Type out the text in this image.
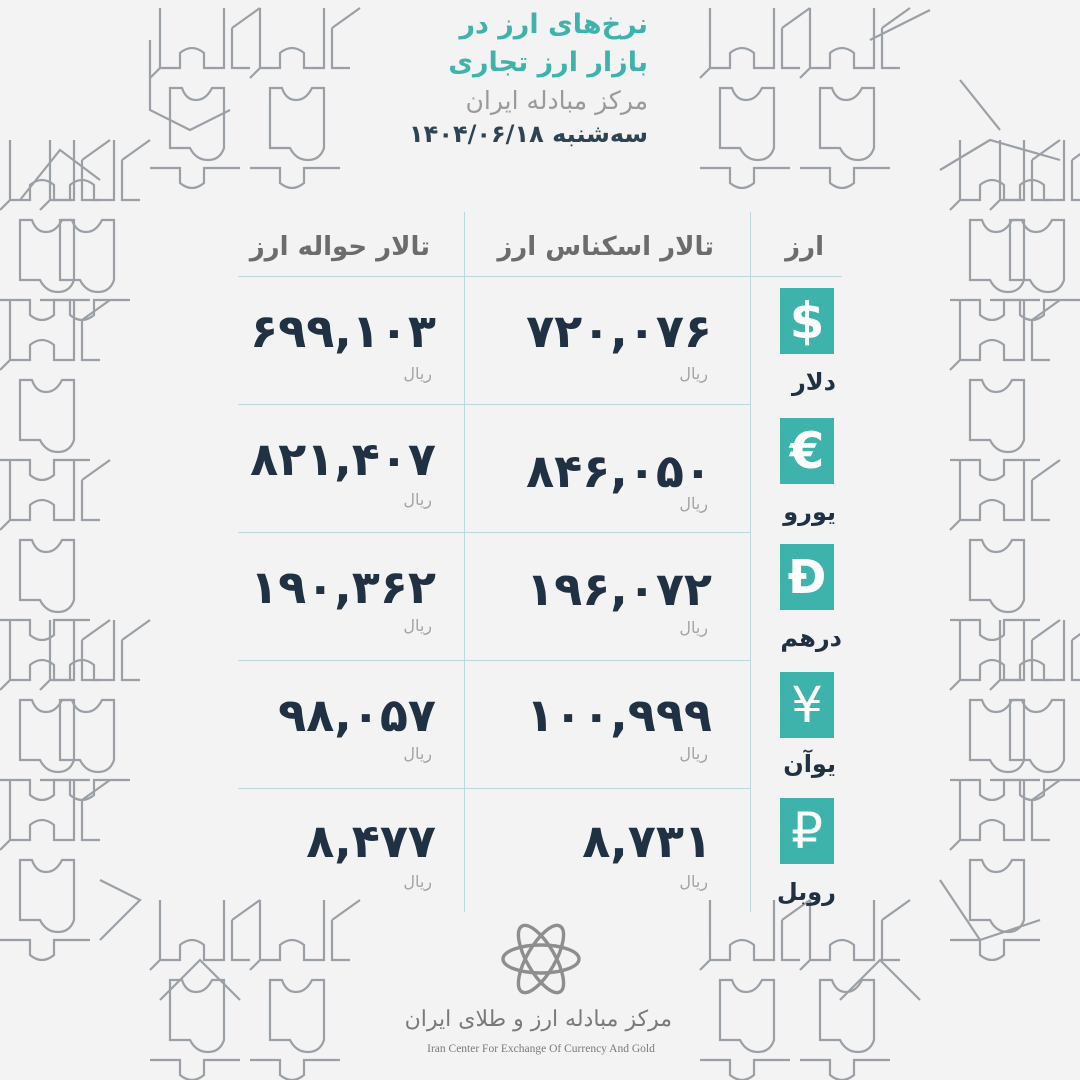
نرخ‌های ارز در
بازار ارز تجاری
مرکز مبادله ایران
سه‌شنبه ۱۴۰۴/۰۶/۱۸
تالار حواله ارز	تالار اسکناس ارز	ارز
۶۹۹,۱۰۳
ریال
۷۲۰,۰۷۶
ریال
$
دلار
۸۲۱,۴۰۷
ریال
۸۴۶,۰۵۰
ریال
€
یورو
۱۹۰,۳۶۲
ریال
۱۹۶,۰۷۲
ریال
Đ
درهم
۹۸,۰۵۷
ریال
۱۰۰,۹۹۹
ریال
¥
یوآن
۸,۴۷۷
ریال
۸,۷۳۱
ریال
₽
روبل
مرکز مبادله ارز و طلای ایران
Iran Center For Exchange Of Currency And Gold
